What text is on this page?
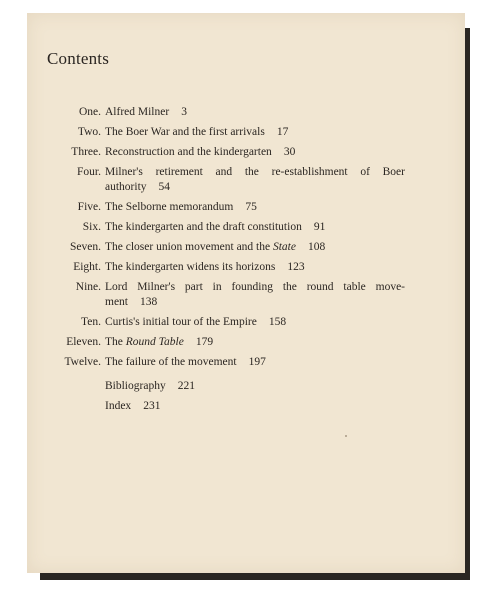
Contents
One. Alfred Milner 3
Two. The Boer War and the first arrivals 17
Three. Reconstruction and the kindergarten 30
Four. Milner's retirement and the re-establishment of Boer
authority 54
Five. The Selborne memorandum 75
Six. The kindergarten and the draft constitution 91
Seven. The closer union movement and the State 108
Eight. The kindergarten widens its horizons 123
Nine. Lord Milner's part in founding the round table move-
ment 138
Ten. Curtis's initial tour of the Empire 158
Eleven. The Round Table 179
Twelve. The failure of the movement 197
Bibliography 221
Index 231
